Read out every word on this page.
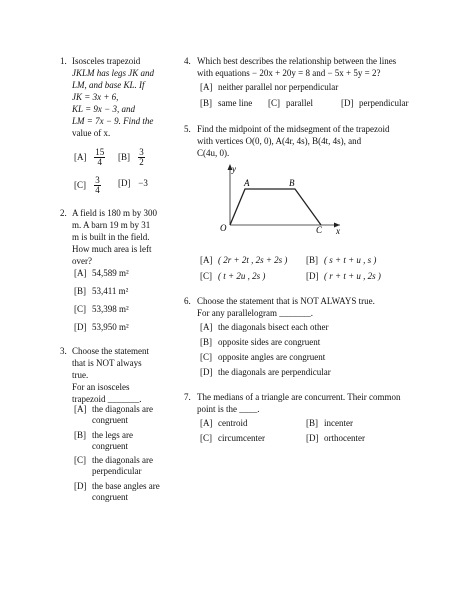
1. Isosceles trapezoid
JKLM has legs JK and
LM, and base KL. If
JK = 3x + 6,
KL = 9x − 3, and
LM = 7x − 9. Find the
value of x.
$[A] \frac{15}{4} [B] \frac{3}{2}$
$[C] \frac{3}{4} [D] -3$
2. A field is 180 m by 300
m. A barn 19 m by 31
m is built in the field.
How much area is left
over?
[A] 54,589 m²
[B] 53,411 m²
[C] 53,398 m²
[D] 53,950 m²
3. Choose the statement
that is NOT always
true.
For an isosceles
trapezoid _______.
[A] the diagonals are
congruent
[B] the legs are
congruent
[C] the diagonals are
perpendicular
[D] the base angles are
congruent
4. Which best describes the relationship between the lines
with equations − 20x + 20y = 8 and − 5x + 5y = 2?
[A] neither parallel nor perpendicular
[B] same line [C] parallel	[D] perpendicular
5. Find the midpoint of the midsegment of the trapezoid
with vertices O(0, 0), A(4r, 4s), B(4t, 4s), and
C(4u, 0).
y
x
A	B
O	C
[A] ( 2r + 2t , 2s + 2s ) [B] ( s + t + u , s )
[C] ( t + 2u , 2s )	[D] ( r + t + u , 2s )
6. Choose the statement that is NOT ALWAYS true.
For any parallelogram _______.
[A] the diagonals bisect each other
[B] opposite sides are congruent
[C] opposite angles are congruent
[D] the diagonals are perpendicular
7. The medians of a triangle are concurrent. Their common
point is the ____.
[A] centroid	[B] incenter
[C] circumcenter	[D] orthocenter
